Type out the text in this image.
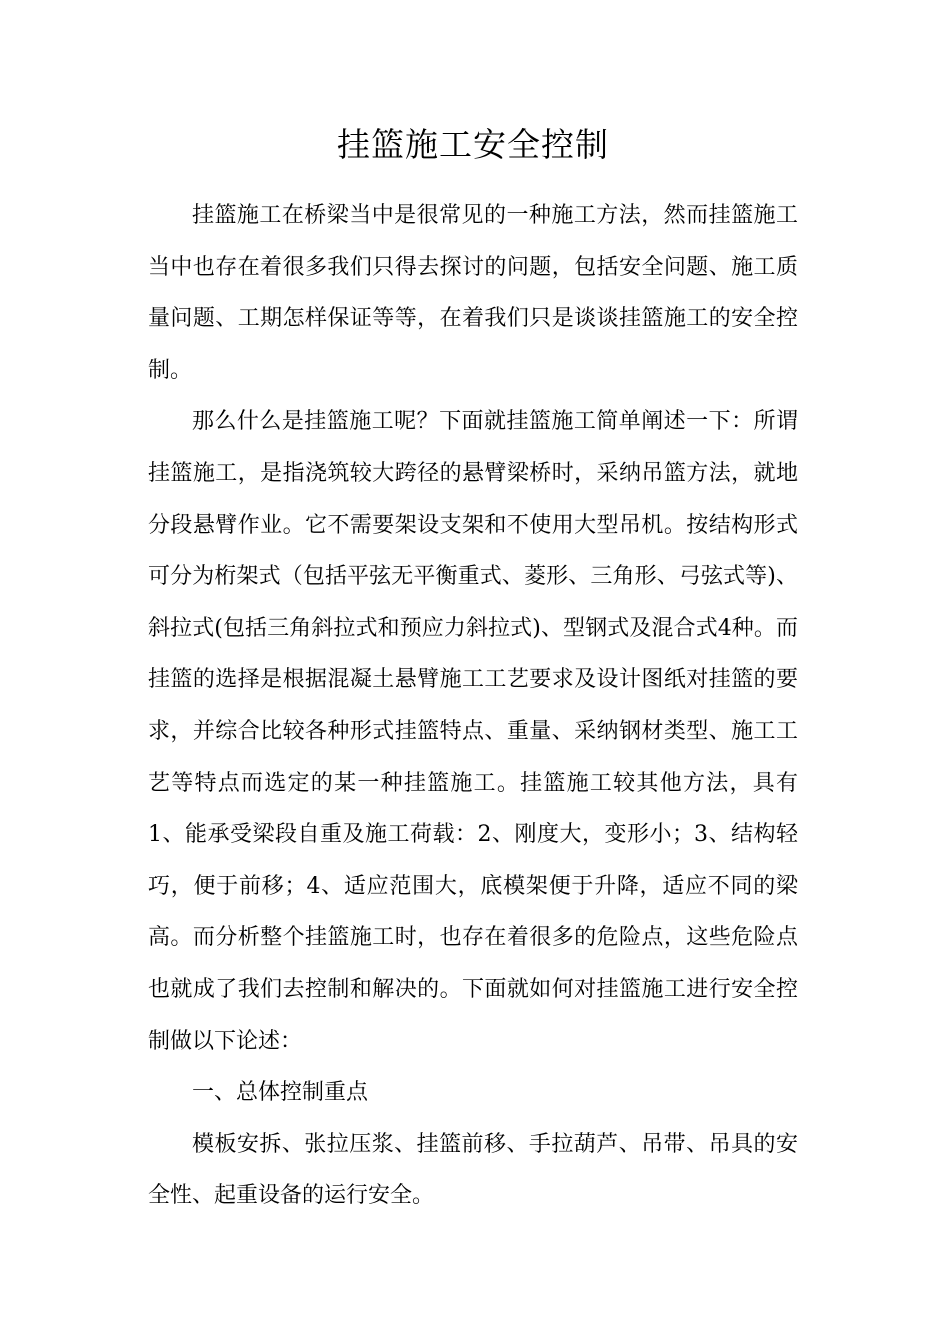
挂篮施工安全控制

挂篮施工在桥梁当中是很常见的一种施工方法，然而挂篮施工当中也存在着很多我们只得去探讨的问题，包括安全问题、施工质量问题、工期怎样保证等等，在着我们只是谈谈挂篮施工的安全控制。

那么什么是挂篮施工呢？下面就挂篮施工简单阐述一下：所谓挂篮施工，是指浇筑较大跨径的悬臂梁桥时，采纳吊篮方法，就地分段悬臂作业。它不需要架设支架和不使用大型吊机。按结构形式可分为桁架式（包括平弦无平衡重式、菱形、三角形、弓弦式等)、斜拉式(包括三角斜拉式和预应力斜拉式)、型钢式及混合式4种。而挂篮的选择是根据混凝土悬臂施工工艺要求及设计图纸对挂篮的要求，并综合比较各种形式挂篮特点、重量、采纳钢材类型、施工工艺等特点而选定的某一种挂篮施工。挂篮施工较其他方法，具有1、能承受梁段自重及施工荷载：2、刚度大，变形小；3、结构轻巧，便于前移；4、适应范围大，底模架便于升降，适应不同的梁高。而分析整个挂篮施工时，也存在着很多的危险点，这些危险点也就成了我们去控制和解决的。下面就如何对挂篮施工进行安全控制做以下论述：

一、总体控制重点

模板安拆、张拉压浆、挂篮前移、手拉葫芦、吊带、吊具的安全性、起重设备的运行安全。
